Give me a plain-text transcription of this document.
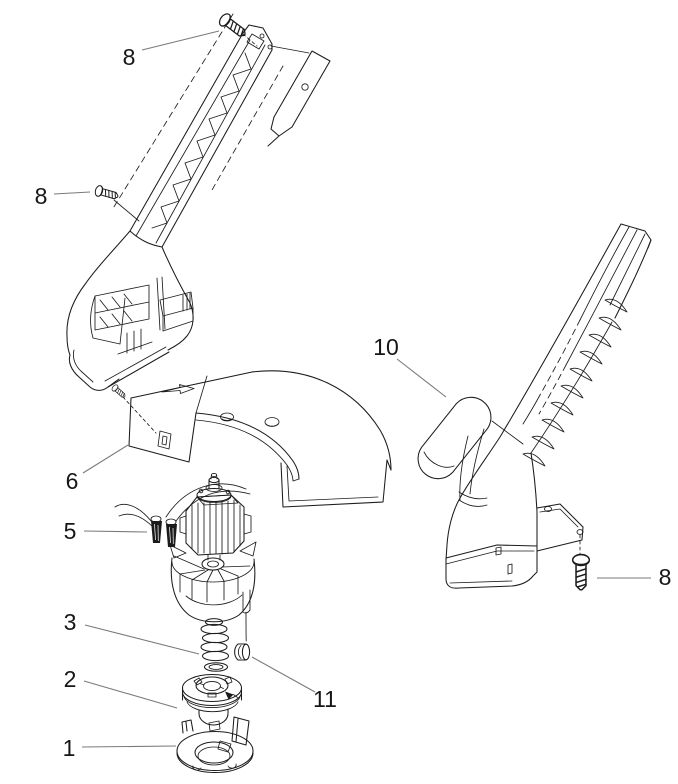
8
8
6
5
3
2
1
11
10
8
